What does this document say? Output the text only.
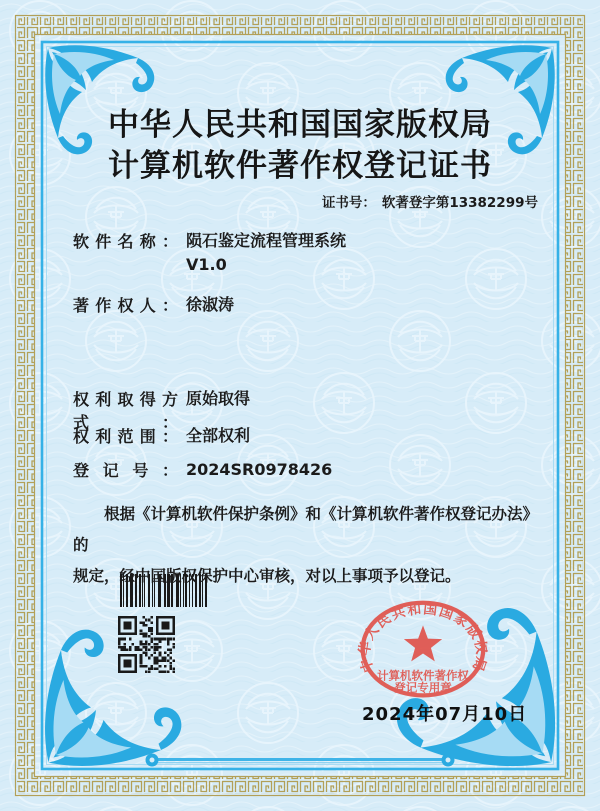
中华人民共和国国家版权局
计算机软件著作权登记证书
证书号： 软著登字第13382299号
软件名称： 陨石鉴定流程管理系统
V1.0
著作权人： 徐淑涛
权利取得方式：
原始取得
权利范围： 全部权利
登记号： 2024SR0978426
根据《计算机软件保护条例》和《计算机软件著作权登记办法》的
规定，经中国版权保护中心审核，对以上事项予以登记。
2024年07月10日
中华人民共和国国家版权局
计算机软件著作权
登记专用章
